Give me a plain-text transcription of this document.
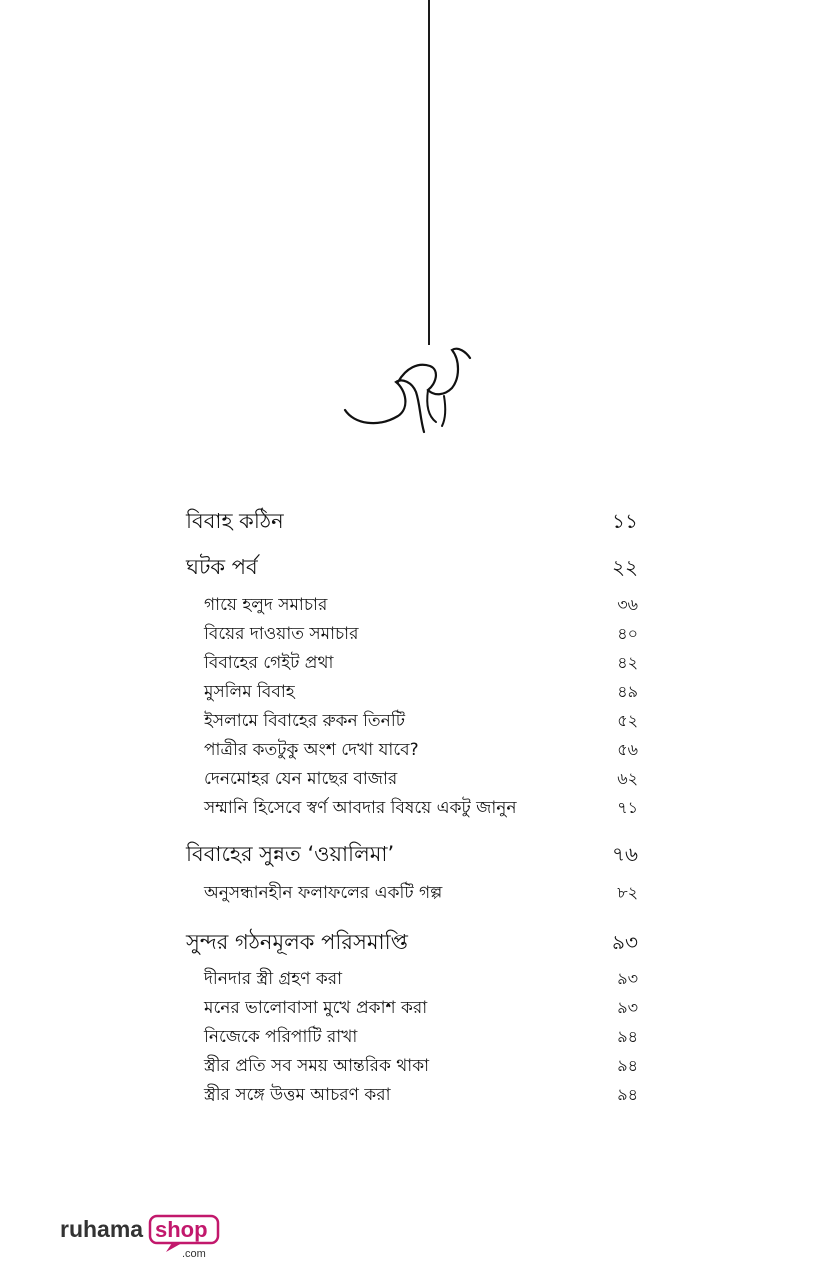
বিবাহ কঠিন	১১
ঘটক পর্ব	২২
গায়ে হলুদ সমাচার	৩৬
বিয়ের দাওয়াত সমাচার	৪০
বিবাহের গেইট প্রথা	৪২
মুসলিম বিবাহ	৪৯
ইসলামে বিবাহের রুকন তিনটি	৫২
পাত্রীর কতটুকু অংশ দেখা যাবে?	৫৬
দেনমোহর যেন মাছের বাজার	৬২
সম্মানি হিসেবে স্বর্ণ আবদার বিষয়ে একটু জানুন	৭১
বিবাহের সুন্নত ‘ওয়ালিমা’	৭৬
অনুসন্ধানহীন ফলাফলের একটি গল্প	৮২
সুন্দর গঠনমূলক পরিসমাপ্তি	৯৩
দীনদার স্ত্রী গ্রহণ করা	৯৩
মনের ভালোবাসা মুখে প্রকাশ করা	৯৩
নিজেকে পরিপাটি রাখা	৯৪
স্ত্রীর প্রতি সব সময় আন্তরিক থাকা	৯৪
স্ত্রীর সঙ্গে উত্তম আচরণ করা	৯৪
ruhama shop
.com
